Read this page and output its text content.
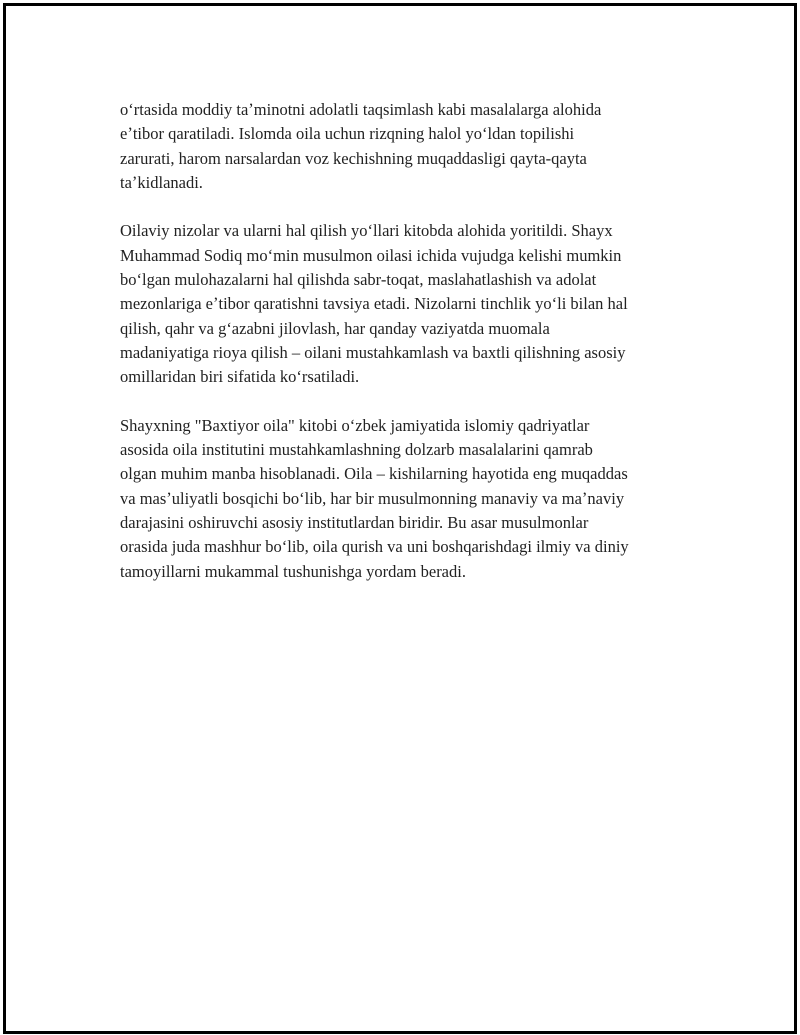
oʻrtasida moddiy taʼminotni adolatli taqsimlash kabi masalalarga alohida
eʼtibor qaratiladi. Islomda oila uchun rizqning halol yoʻldan topilishi
zarurati, harom narsalardan voz kechishning muqaddasligi qayta-qayta
taʼkidlanadi.

Oilaviy nizolar va ularni hal qilish yoʻllari kitobda alohida yoritildi. Shayx
Muhammad Sodiq moʻmin musulmon oilasi ichida vujudga kelishi mumkin
boʻlgan mulohazalarni hal qilishda sabr-toqat, maslahatlashish va adolat
mezonlariga eʼtibor qaratishni tavsiya etadi. Nizolarni tinchlik yoʻli bilan hal
qilish, qahr va gʻazabni jilovlash, har qanday vaziyatda muomala
madaniyatiga rioya qilish – oilani mustahkamlash va baxtli qilishning asosiy
omillaridan biri sifatida koʻrsatiladi.

Shayxning "Baxtiyor oila" kitobi oʻzbek jamiyatida islomiy qadriyatlar
asosida oila institutini mustahkamlashning dolzarb masalalarini qamrab
olgan muhim manba hisoblanadi. Oila – kishilarning hayotida eng muqaddas
va masʼuliyatli bosqichi boʻlib, har bir musulmonning manaviy va maʼnaviy
darajasini oshiruvchi asosiy institutlardan biridir. Bu asar musulmonlar
orasida juda mashhur boʻlib, oila qurish va uni boshqarishdagi ilmiy va diniy
tamoyillarni mukammal tushunishga yordam beradi.
